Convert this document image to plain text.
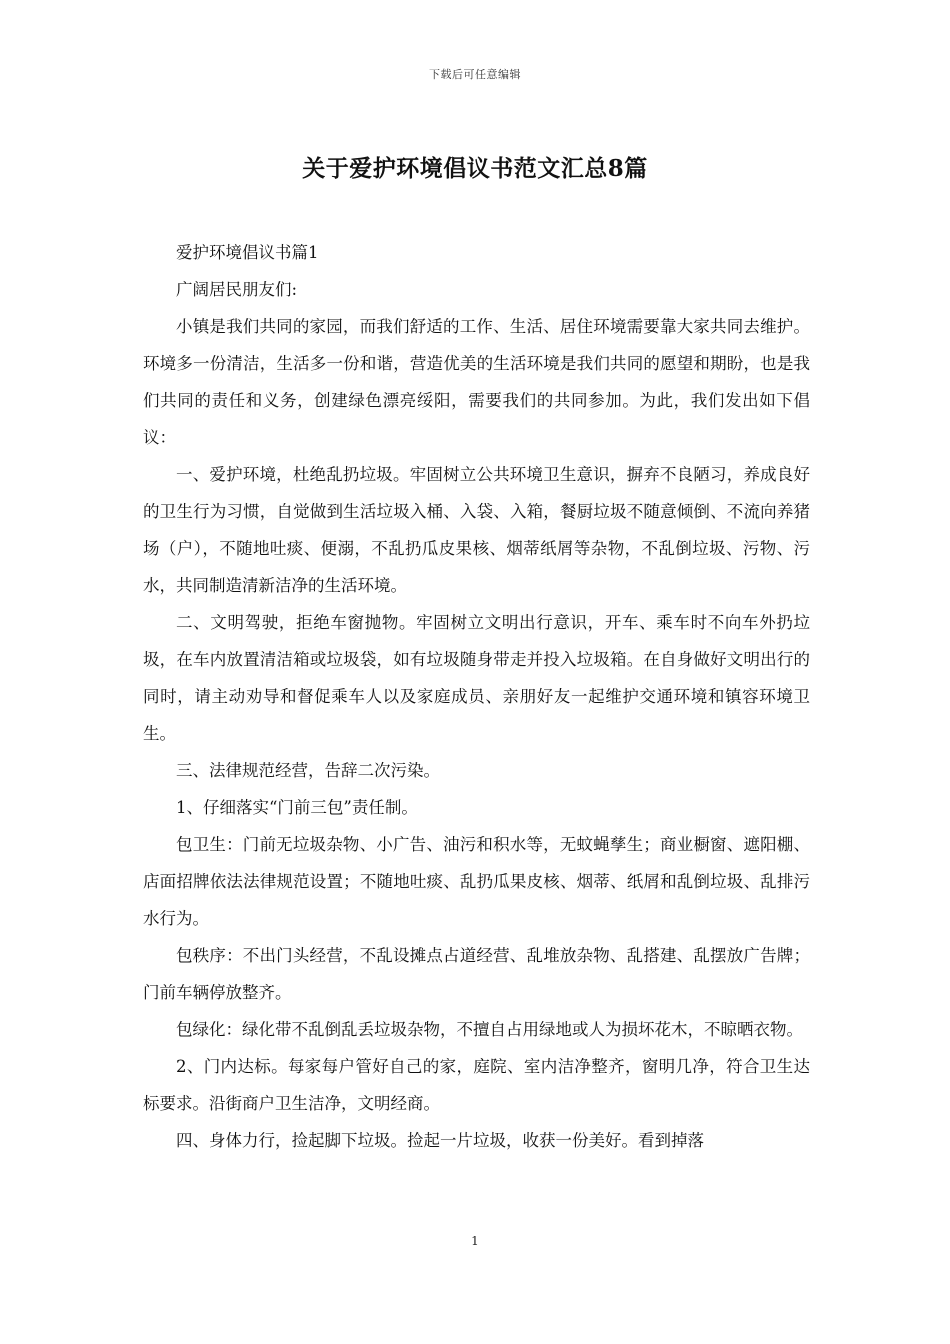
下载后可任意编辑
关于爱护环境倡议书范文汇总8篇

爱护环境倡议书篇1

广阔居民朋友们:

小镇是我们共同的家园，而我们舒适的工作、生活、居住环境需要靠大家共同去维护。环境多一份清洁，生活多一份和谐，营造优美的生活环境是我们共同的愿望和期盼，也是我们共同的责任和义务，创建绿色漂亮绥阳，需要我们的共同参加。为此，我们发出如下倡议：

一、爱护环境，杜绝乱扔垃圾。牢固树立公共环境卫生意识，摒弃不良陋习，养成良好的卫生行为习惯，自觉做到生活垃圾入桶、入袋、入箱，餐厨垃圾不随意倾倒、不流向养猪场（户），不随地吐痰、便溺，不乱扔瓜皮果核、烟蒂纸屑等杂物，不乱倒垃圾、污物、污水，共同制造清新洁净的生活环境。

二、文明驾驶，拒绝车窗抛物。牢固树立文明出行意识，开车、乘车时不向车外扔垃圾，在车内放置清洁箱或垃圾袋，如有垃圾随身带走并投入垃圾箱。在自身做好文明出行的同时，请主动劝导和督促乘车人以及家庭成员、亲朋好友一起维护交通环境和镇容环境卫生。

三、法律规范经营，告辞二次污染。

1、仔细落实“门前三包”责任制。

包卫生：门前无垃圾杂物、小广告、油污和积水等，无蚊蝇孳生；商业橱窗、遮阳棚、店面招牌依法法律规范设置；不随地吐痰、乱扔瓜果皮核、烟蒂、纸屑和乱倒垃圾、乱排污水行为。

包秩序：不出门头经营，不乱设摊点占道经营、乱堆放杂物、乱搭建、乱摆放广告牌；门前车辆停放整齐。

包绿化：绿化带不乱倒乱丢垃圾杂物，不擅自占用绿地或人为损坏花木，不晾晒衣物。

2、门内达标。每家每户管好自己的家，庭院、室内洁净整齐，窗明几净，符合卫生达标要求。沿街商户卫生洁净，文明经商。

四、身体力行，捡起脚下垃圾。捡起一片垃圾，收获一份美好。看到掉落

1
